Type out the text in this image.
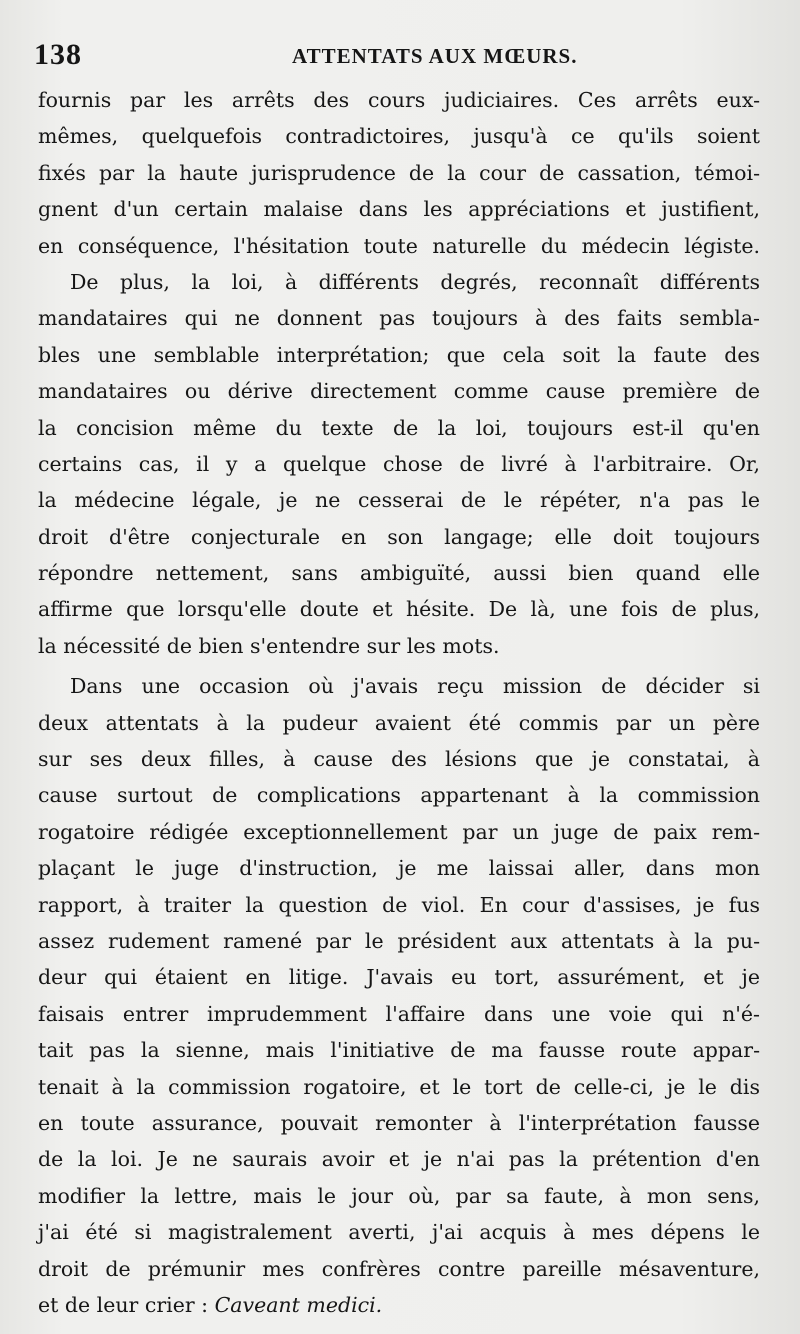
138	ATTENTATS AUX MŒURS.
fournis par les arrêts des cours judiciaires. Ces arrêts eux-
mêmes, quelquefois contradictoires, jusqu'à ce qu'ils soient
fixés par la haute jurisprudence de la cour de cassation, témoi-
gnent d'un certain malaise dans les appréciations et justifient,
en conséquence, l'hésitation toute naturelle du médecin légiste.
De plus, la loi, à différents degrés, reconnaît différents
mandataires qui ne donnent pas toujours à des faits sembla-
bles une semblable interprétation; que cela soit la faute des
mandataires ou dérive directement comme cause première de
la concision même du texte de la loi, toujours est-il qu'en
certains cas, il y a quelque chose de livré à l'arbitraire. Or,
la médecine légale, je ne cesserai de le répéter, n'a pas le
droit d'être conjecturale en son langage; elle doit toujours
répondre nettement, sans ambiguïté, aussi bien quand elle
affirme que lorsqu'elle doute et hésite. De là, une fois de plus,
la nécessité de bien s'entendre sur les mots.
Dans une occasion où j'avais reçu mission de décider si
deux attentats à la pudeur avaient été commis par un père
sur ses deux filles, à cause des lésions que je constatai, à
cause surtout de complications appartenant à la commission
rogatoire rédigée exceptionnellement par un juge de paix rem-
plaçant le juge d'instruction, je me laissai aller, dans mon
rapport, à traiter la question de viol. En cour d'assises, je fus
assez rudement ramené par le président aux attentats à la pu-
deur qui étaient en litige. J'avais eu tort, assurément, et je
faisais entrer imprudemment l'affaire dans une voie qui n'é-
tait pas la sienne, mais l'initiative de ma fausse route appar-
tenait à la commission rogatoire, et le tort de celle-ci, je le dis
en toute assurance, pouvait remonter à l'interprétation fausse
de la loi. Je ne saurais avoir et je n'ai pas la prétention d'en
modifier la lettre, mais le jour où, par sa faute, à mon sens,
j'ai été si magistralement averti, j'ai acquis à mes dépens le
droit de prémunir mes confrères contre pareille mésaventure,
et de leur crier : Caveant medici.
